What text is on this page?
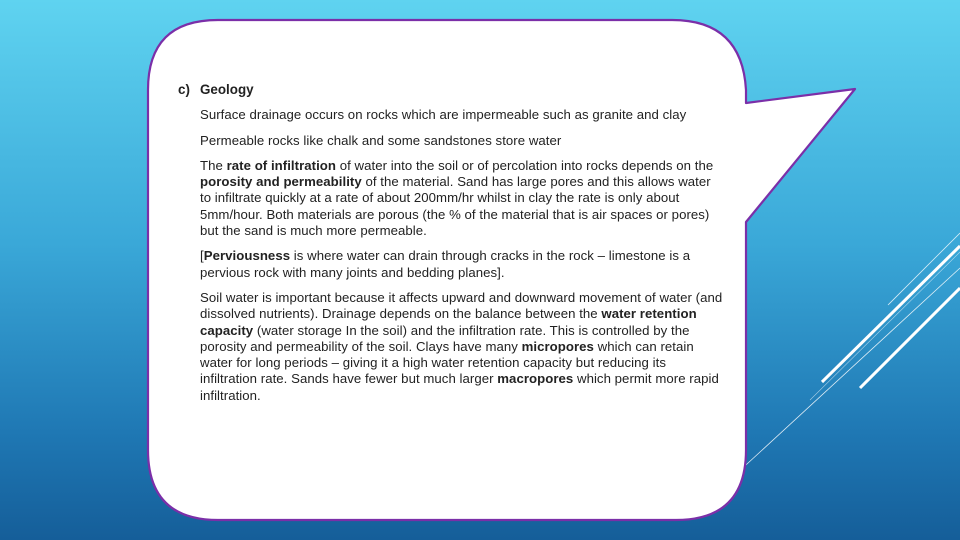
c) Geology
Surface drainage occurs on rocks which are impermeable such as granite and clay
Permeable rocks like chalk and some sandstones store water
The rate of infiltration of water into the soil or of percolation into rocks depends on the porosity and permeability of the material. Sand has large pores and this allows water to infiltrate quickly at a rate of about 200mm/hr whilst in clay the rate is only about 5mm/hour. Both materials are porous (the % of the material that is air spaces or pores) but the sand is much more permeable.
[Perviousness is where water can drain through cracks in the rock – limestone is a pervious rock with many joints and bedding planes].
Soil water is important because it affects upward and downward movement of water (and dissolved nutrients). Drainage depends on the balance between the water retention capacity (water storage In the soil) and the infiltration rate. This is controlled by the porosity and permeability of the soil. Clays have many micropores which can retain water for long periods – giving it a high water retention capacity but reducing its infiltration rate. Sands have fewer but much larger macropores which permit more rapid infiltration.
